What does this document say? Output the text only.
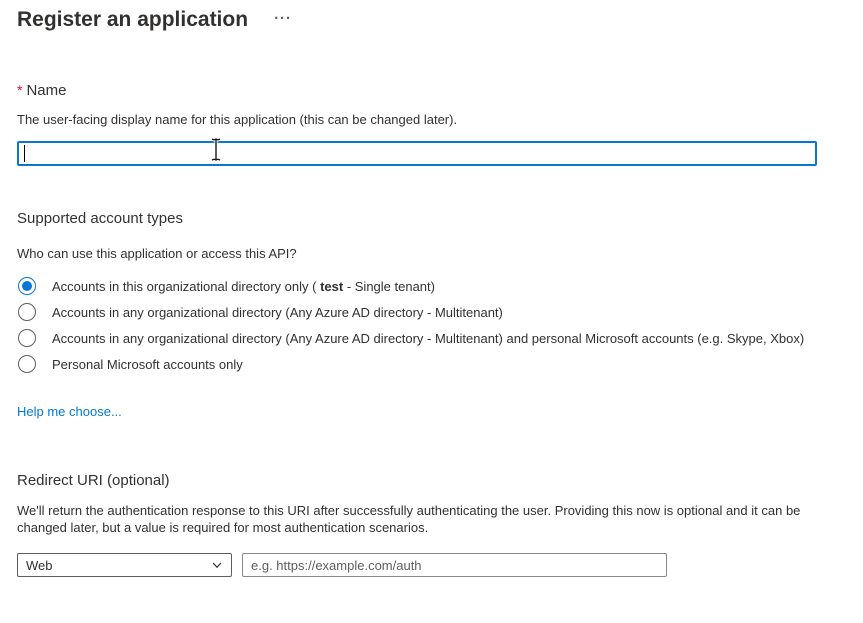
Register an application ···
* Name
The user-facing display name for this application (this can be changed later).
Supported account types
Who can use this application or access this API?
Accounts in this organizational directory only ( test - Single tenant)
Accounts in any organizational directory (Any Azure AD directory - Multitenant)
Accounts in any organizational directory (Any Azure AD directory - Multitenant) and personal Microsoft accounts (e.g. Skype, Xbox)
Personal Microsoft accounts only
Help me choose...
Redirect URI (optional)
We'll return the authentication response to this URI after successfully authenticating the user. Providing this now is optional and it can be changed later, but a value is required for most authentication scenarios.
Web
e.g. https://example.com/auth
